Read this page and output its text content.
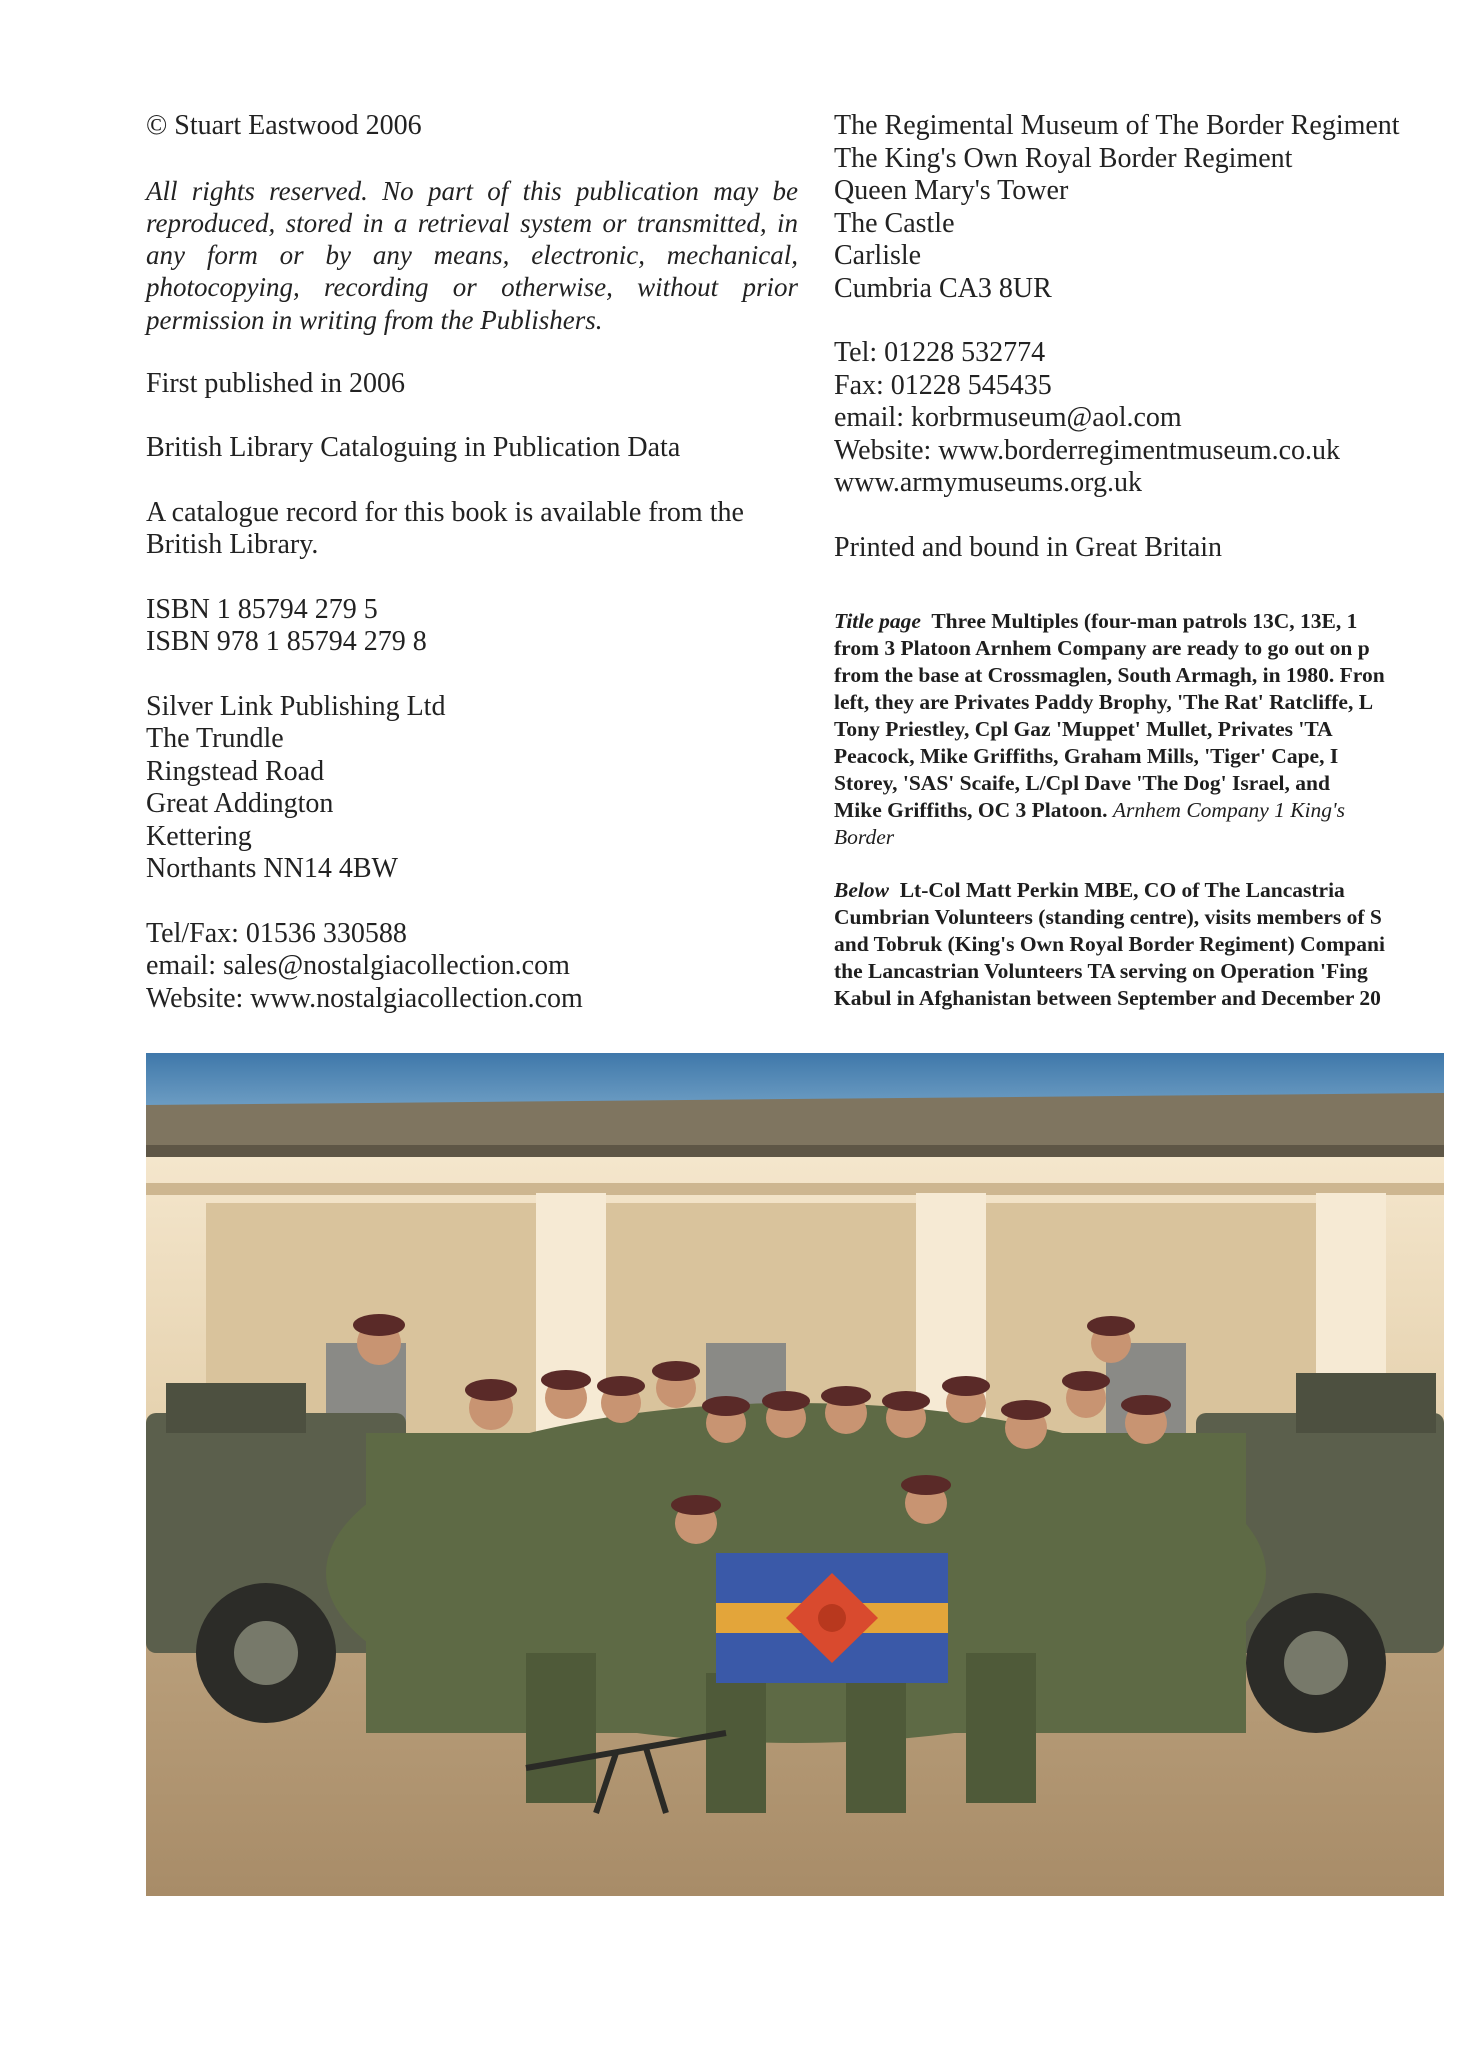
© Stuart Eastwood 2006
All rights reserved. No part of this publication may be
reproduced, stored in a retrieval system or transmitted, in
any form or by any means, electronic, mechanical,
photocopying, recording or otherwise, without prior
permission in writing from the Publishers.
First published in 2006
British Library Cataloguing in Publication Data
A catalogue record for this book is available from the
British Library.
ISBN 1 85794 279 5
ISBN 978 1 85794 279 8
Silver Link Publishing Ltd
The Trundle
Ringstead Road
Great Addington
Kettering
Northants NN14 4BW
Tel/Fax: 01536 330588
email: sales@nostalgiacollection.com
Website: www.nostalgiacollection.com
The Regimental Museum of The Border Regiment
The King's Own Royal Border Regiment
Queen Mary's Tower
The Castle
Carlisle
Cumbria CA3 8UR
Tel: 01228 532774
Fax: 01228 545435
email: korbrmuseum@aol.com
Website: www.borderregimentmuseum.co.uk
www.armymuseums.org.uk
Printed and bound in Great Britain
Title page Three Multiples (four-man patrols 13C, 13E, 1
from 3 Platoon Arnhem Company are ready to go out on p
from the base at Crossmaglen, South Armagh, in 1980. Fron
left, they are Privates Paddy Brophy, 'The Rat' Ratcliffe, L
Tony Priestley, Cpl Gaz 'Muppet' Mullet, Privates 'TA
Peacock, Mike Griffiths, Graham Mills, 'Tiger' Cape, I
Storey, 'SAS' Scaife, L/Cpl Dave 'The Dog' Israel, and
Mike Griffiths, OC 3 Platoon. Arnhem Company 1 King's
Border
Below Lt-Col Matt Perkin MBE, CO of The Lancastria
Cumbrian Volunteers (standing centre), visits members of S
and Tobruk (King's Own Royal Border Regiment) Compani
the Lancastrian Volunteers TA serving on Operation 'Fing
Kabul in Afghanistan between September and December 20
